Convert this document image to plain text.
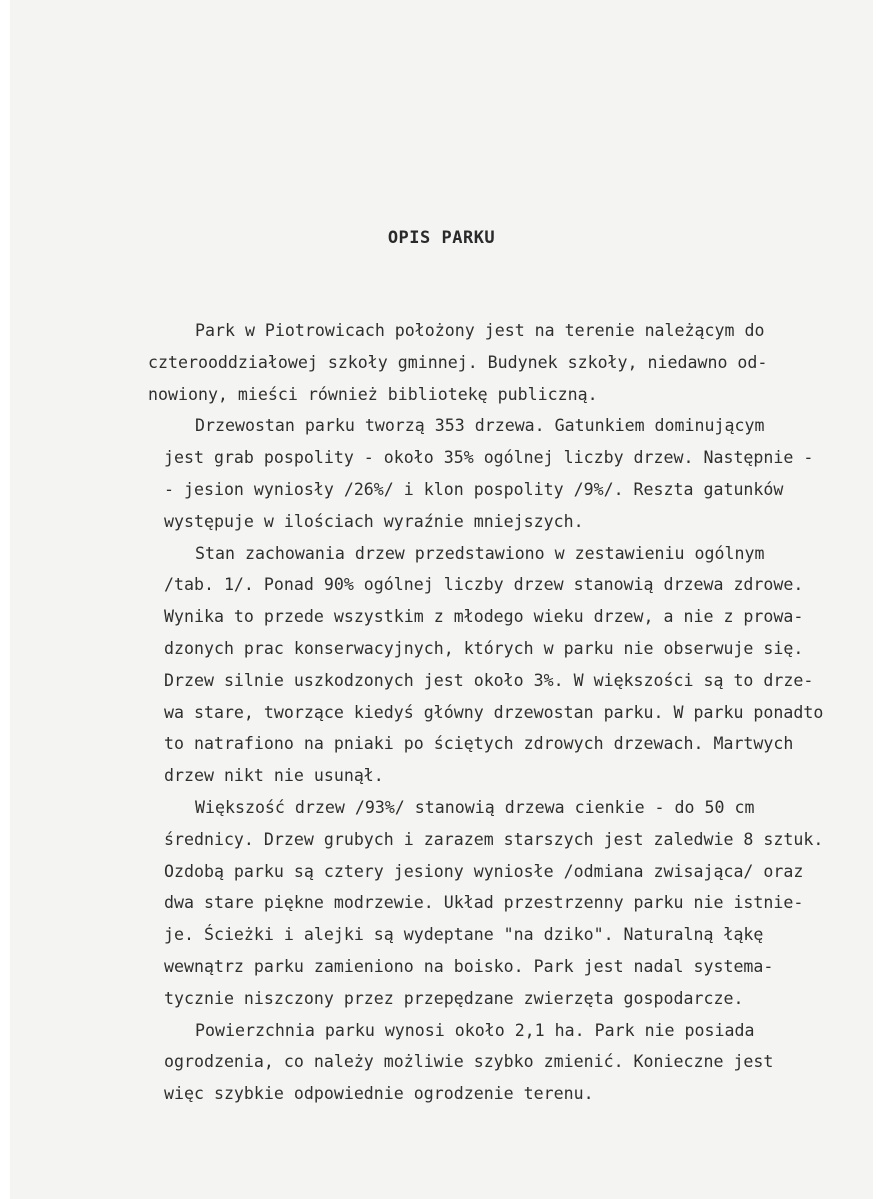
OPIS PARKU
Park w Piotrowicach położony jest na terenie należącym do
czterooddziałowej szkoły gminnej. Budynek szkoły, niedawno od-
nowiony, mieści również bibliotekę publiczną.
Drzewostan parku tworzą 353 drzewa. Gatunkiem dominującym
jest grab pospolity - około 35% ogólnej liczby drzew. Następnie -
- jesion wyniosły /26%/ i klon pospolity /9%/. Reszta gatunków
występuje w ilościach wyraźnie mniejszych.
Stan zachowania drzew przedstawiono w zestawieniu ogólnym
/tab. 1/. Ponad 90% ogólnej liczby drzew stanowią drzewa zdrowe.
Wynika to przede wszystkim z młodego wieku drzew, a nie z prowa-
dzonych prac konserwacyjnych, których w parku nie obserwuje się.
Drzew silnie uszkodzonych jest około 3%. W większości są to drze-
wa stare, tworzące kiedyś główny drzewostan parku. W parku ponadto
to natrafiono na pniaki po ściętych zdrowych drzewach. Martwych
drzew nikt nie usunął.
Większość drzew /93%/ stanowią drzewa cienkie - do 50 cm
średnicy. Drzew grubych i zarazem starszych jest zaledwie 8 sztuk.
Ozdobą parku są cztery jesiony wyniosłe /odmiana zwisająca/ oraz
dwa stare piękne modrzewie. Układ przestrzenny parku nie istnie-
je. Ścieżki i alejki są wydeptane "na dziko". Naturalną łąkę
wewnątrz parku zamieniono na boisko. Park jest nadal systema-
tycznie niszczony przez przepędzane zwierzęta gospodarcze.
Powierzchnia parku wynosi około 2,1 ha. Park nie posiada
ogrodzenia, co należy możliwie szybko zmienić. Konieczne jest
więc szybkie odpowiednie ogrodzenie terenu.
